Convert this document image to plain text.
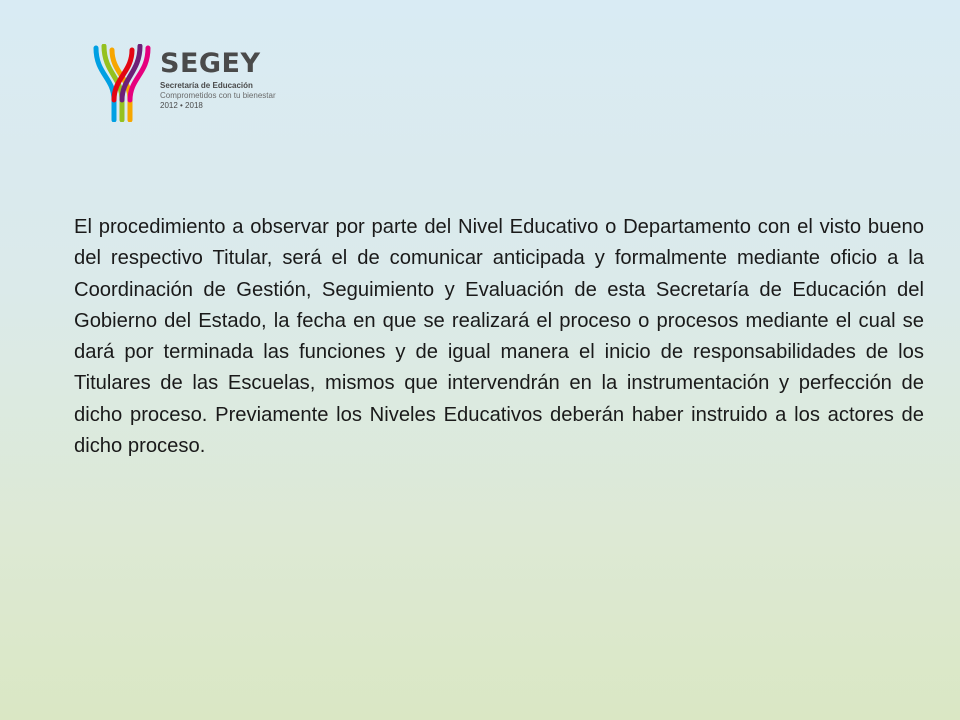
SEGEY
Secretaría de Educación
Comprometidos con tu bienestar
2012 • 2018

El procedimiento a observar por parte del Nivel Educativo o Departamento con el visto bueno del respectivo Titular, será el de comunicar anticipada y formalmente mediante oficio a la Coordinación de Gestión, Seguimiento y Evaluación de esta Secretaría de Educación del Gobierno del Estado, la fecha en que se realizará el proceso o procesos mediante el cual se dará por terminada las funciones y de igual manera el inicio de responsabilidades de los Titulares de las Escuelas, mismos que intervendrán en la instrumentación y perfección de dicho proceso. Previamente los Niveles Educativos deberán haber instruido a los actores de dicho proceso.
